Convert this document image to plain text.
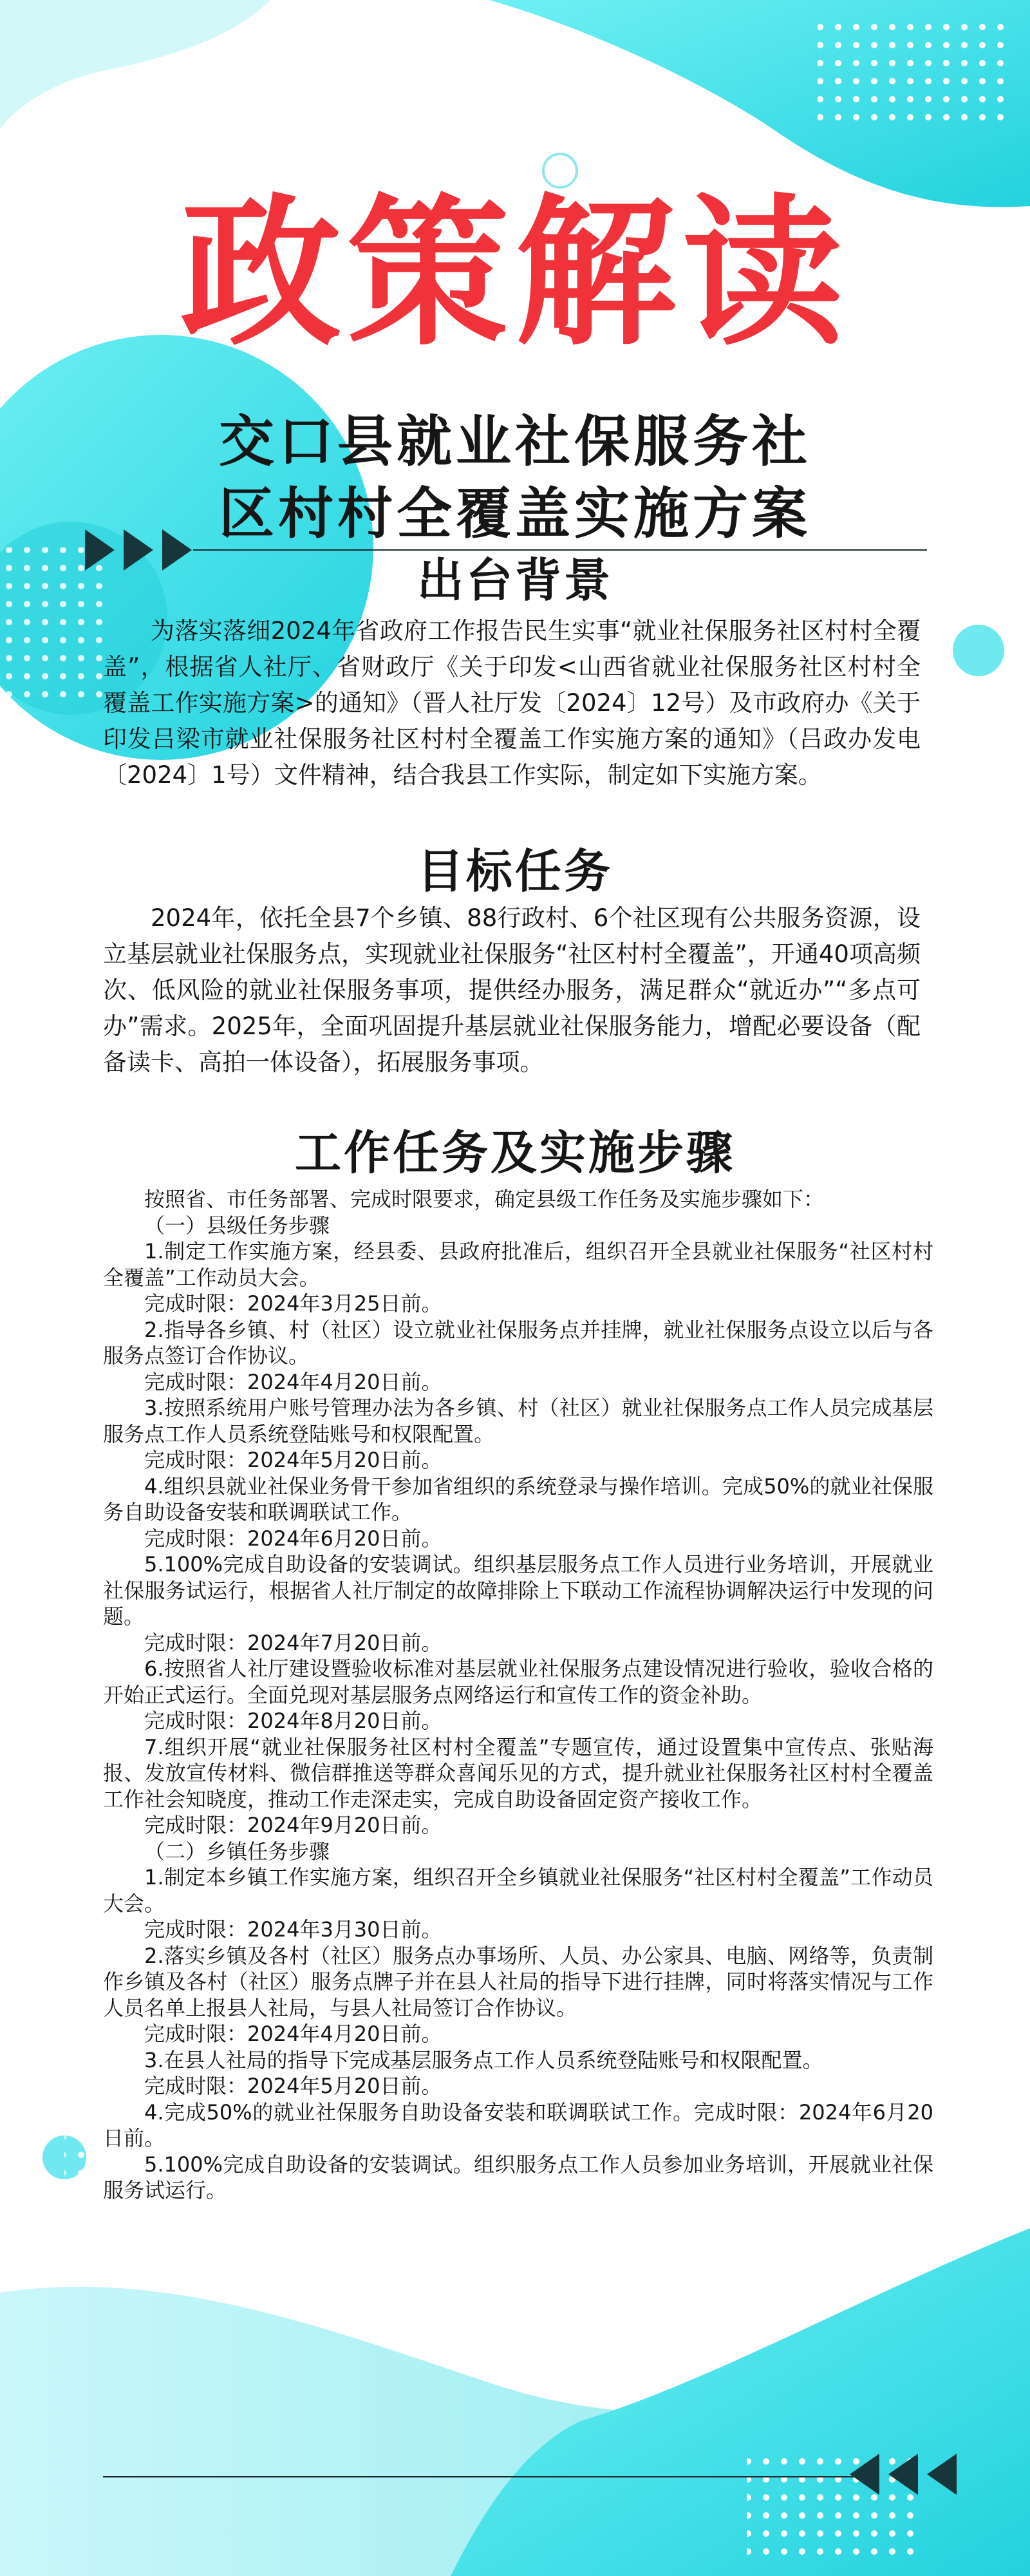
政策解读
交口县就业社保服务社
区村村全覆盖实施方案
出台背景

为落实落细2024年省政府工作报告民生实事“就业社保服务社区村村全覆盖”，根据省人社厅、省财政厅《关于印发<山西省就业社保服务社区村村全覆盖工作实施方案>的通知》（晋人社厅发〔2024〕12号）及市政府办《关于印发吕梁市就业社保服务社区村村全覆盖工作实施方案的通知》（吕政办发电〔2024〕1号）文件精神，结合我县工作实际，制定如下实施方案。

目标任务

2024年，依托全县7个乡镇、88行政村、6个社区现有公共服务资源，设立基层就业社保服务点，实现就业社保服务“社区村村全覆盖”，开通40项高频次、低风险的就业社保服务事项，提供经办服务，满足群众“就近办”“多点可办”需求。2025年，全面巩固提升基层就业社保服务能力，增配必要设备（配备读卡、高拍一体设备），拓展服务事项。

工作任务及实施步骤

按照省、市任务部署、完成时限要求，确定县级工作任务及实施步骤如下：

（一）县级任务步骤

1.制定工作实施方案，经县委、县政府批准后，组织召开全县就业社保服务“社区村村全覆盖”工作动员大会。

完成时限：2024年3月25日前。

2.指导各乡镇、村（社区）设立就业社保服务点并挂牌，就业社保服务点设立以后与各服务点签订合作协议。

完成时限：2024年4月20日前。

3.按照系统用户账号管理办法为各乡镇、村（社区）就业社保服务点工作人员完成基层服务点工作人员系统登陆账号和权限配置。

完成时限：2024年5月20日前。

4.组织县就业社保业务骨干参加省组织的系统登录与操作培训。完成50%的就业社保服务自助设备安装和联调联试工作。

完成时限：2024年6月20日前。

5.100%完成自助设备的安装调试。组织基层服务点工作人员进行业务培训，开展就业社保服务试运行，根据省人社厅制定的故障排除上下联动工作流程协调解决运行中发现的问题。

完成时限：2024年7月20日前。

6.按照省人社厅建设暨验收标准对基层就业社保服务点建设情况进行验收，验收合格的开始正式运行。全面兑现对基层服务点网络运行和宣传工作的资金补助。

完成时限：2024年8月20日前。

7.组织开展“就业社保服务社区村村全覆盖”专题宣传，通过设置集中宣传点、张贴海报、发放宣传材料、微信群推送等群众喜闻乐见的方式，提升就业社保服务社区村村全覆盖工作社会知晓度，推动工作走深走实，完成自助设备固定资产接收工作。

完成时限：2024年9月20日前。

（二）乡镇任务步骤

1.制定本乡镇工作实施方案，组织召开全乡镇就业社保服务“社区村村全覆盖”工作动员大会。

完成时限：2024年3月30日前。

2.落实乡镇及各村（社区）服务点办事场所、人员、办公家具、电脑、网络等，负责制作乡镇及各村（社区）服务点牌子并在县人社局的指导下进行挂牌，同时将落实情况与工作人员名单上报县人社局，与县人社局签订合作协议。

完成时限：2024年4月20日前。

3.在县人社局的指导下完成基层服务点工作人员系统登陆账号和权限配置。

完成时限：2024年5月20日前。

4.完成50%的就业社保服务自助设备安装和联调联试工作。完成时限：2024年6月20日前。

5.100%完成自助设备的安装调试。组织服务点工作人员参加业务培训，开展就业社保服务试运行。
